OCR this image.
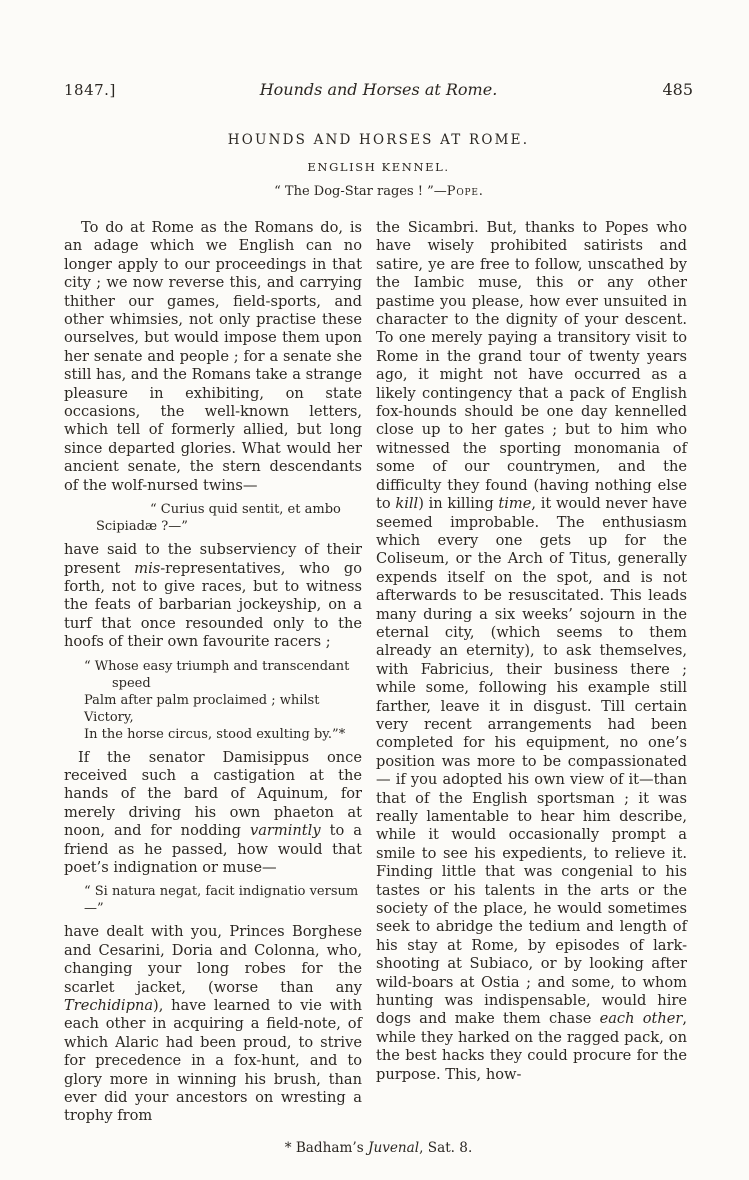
1847.]	Hounds and Horses at Rome.	485
HOUNDS AND HORSES AT ROME.
ENGLISH KENNEL.
“ The Dog-Star rages ! ”—Pope.

To do at Rome as the Romans do, is an adage which we English can no longer apply to our proceedings in that city ; we now reverse this, and carrying thither our games, field-sports, and other whimsies, not only practise these ourselves, but would impose them upon her senate and people ; for a senate she still has, and the Romans take a strange pleasure in exhibiting, on state occasions, the well-known letters, which tell of formerly allied, but long since departed glories. What would her ancient senate, the stern descendants of the wolf-nursed twins—

“ Curius quid sentit, et ambo
Scipiadæ ?—”

have said to the subserviency of their present mis-representatives, who go forth, not to give races, but to witness the feats of barbarian jockeyship, on a turf that once resounded only to the hoofs of their own favourite racers ;

“ Whose easy triumph and transcendant
speed
Palm after palm proclaimed ; whilst Victory,
In the horse circus, stood exulting by.”*

If the senator Damisippus once received such a castigation at the hands of the bard of Aquinum, for merely driving his own phaeton at noon, and for nodding varmintly to a friend as he passed, how would that poet’s indignation or muse—

“ Si natura negat, facit indignatio versum—”

have dealt with you, Princes Borghese and Cesarini, Doria and Colonna, who, changing your long robes for the scarlet jacket, (worse than any Trechidipna), have learned to vie with each other in acquiring a field-note, of which Alaric had been proud, to strive for precedence in a fox-hunt, and to glory more in winning his brush, than ever did your ancestors on wresting a trophy from

the Sicambri. But, thanks to Popes who have wisely prohibited satirists and satire, ye are free to follow, unscathed by the Iambic muse, this or any other pastime you please, how ever unsuited in character to the dignity of your descent. To one merely paying a transitory visit to Rome in the grand tour of twenty years ago, it might not have occurred as a likely contingency that a pack of English fox-hounds should be one day kennelled close up to her gates ; but to him who witnessed the sporting monomania of some of our countrymen, and the difficulty they found (having nothing else to kill) in killing time, it would never have seemed improbable. The enthusiasm which every one gets up for the Coliseum, or the Arch of Titus, generally expends itself on the spot, and is not afterwards to be resuscitated. This leads many during a six weeks’ sojourn in the eternal city, (which seems to them already an eternity), to ask themselves, with Fabricius, their business there ; while some, following his example still farther, leave it in disgust. Till certain very recent arrangements had been completed for his equipment, no one’s position was more to be compassionated — if you adopted his own view of it—than that of the English sportsman ; it was really lamentable to hear him describe, while it would occasionally prompt a smile to see his expedients, to relieve it. Finding little that was congenial to his tastes or his talents in the arts or the society of the place, he would sometimes seek to abridge the tedium and length of his stay at Rome, by episodes of lark-shooting at Subiaco, or by looking after wild-boars at Ostia ; and some, to whom hunting was indispensable, would hire dogs and make them chase each other, while they harked on the ragged pack, on the best hacks they could procure for the purpose. This, how-

* Badham’s Juvenal, Sat. 8.
